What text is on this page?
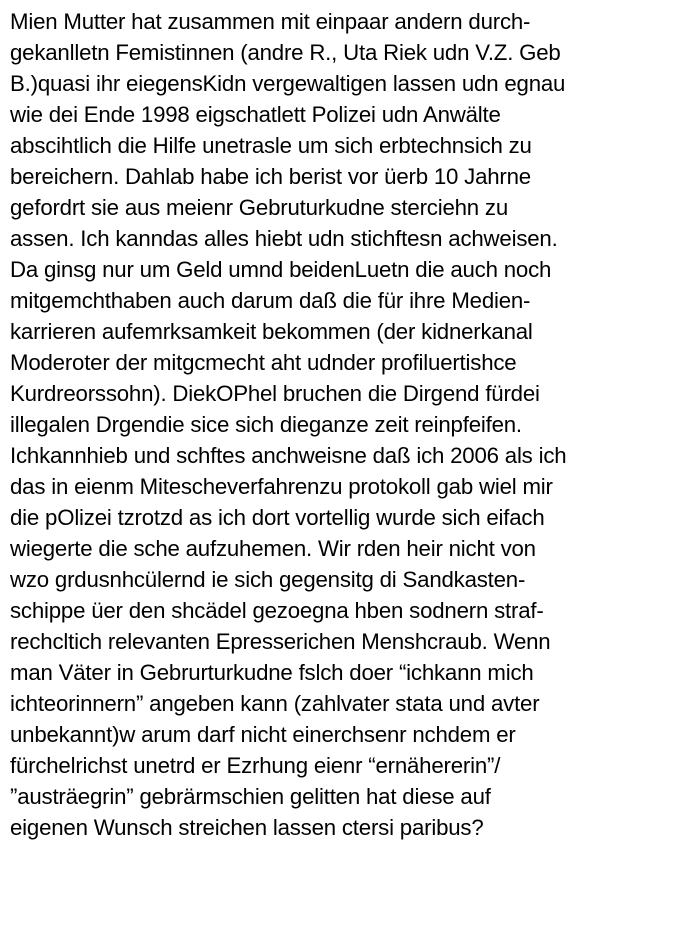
Mien Mutter hat zusammen mit einpaar andern durch-
gekanlletn Femistinnen (andre R., Uta Riek udn V.Z. Geb
B.)quasi ihr eiegensKidn vergewaltigen lassen udn egnau
wie dei Ende 1998 eigschatlett Polizei udn Anwälte
abscihtlich die Hilfe unetrasle um sich erbtechnsich zu
bereichern. Dahlab habe ich berist vor üerb 10 Jahrne
gefordrt sie aus meienr Gebruturkudne sterciehn zu
assen. Ich kanndas alles hiebt udn stichftesn achweisen.
Da ginsg nur um Geld umnd beidenLuetn die auch noch
mitgemchthaben auch darum daß die für ihre Medien-
karrieren aufemrksamkeit bekommen (der kidnerkanal
Moderoter der mitgcmecht aht udnder profiluertishce
Kurdreorssohn). DiekOPhel bruchen die Dirgend fürdei
illegalen Drgendie sice sich dieganze zeit reinpfeifen.
Ichkannhieb und schftes anchweisne daß ich 2006 als ich
das in eienm Mitescheverfahrenzu protokoll gab wiel mir
die pOlizei tzrotzd as ich dort vortellig wurde sich eifach
wiegerte die sche aufzuhemen. Wir rden heir nicht von
wzo grdusnhcülernd ie sich gegensitg di Sandkasten-
schippe üer den shcädel gezoegna hben sodnern straf-
rechcltich relevanten Epresserichen Menshcraub. Wenn
man Väter in Gebrurturkudne fslch doer “ichkann mich
ichteorinnern” angeben kann (zahlvater stata und avter
unbekannt)w arum darf nicht einerchsenr nchdem er
fürchelrichst unetrd er Ezrhung eienr “ernähererin”/
”austräegrin” gebrärmschien gelitten hat diese auf
eigenen Wunsch streichen lassen ctersi paribus?
